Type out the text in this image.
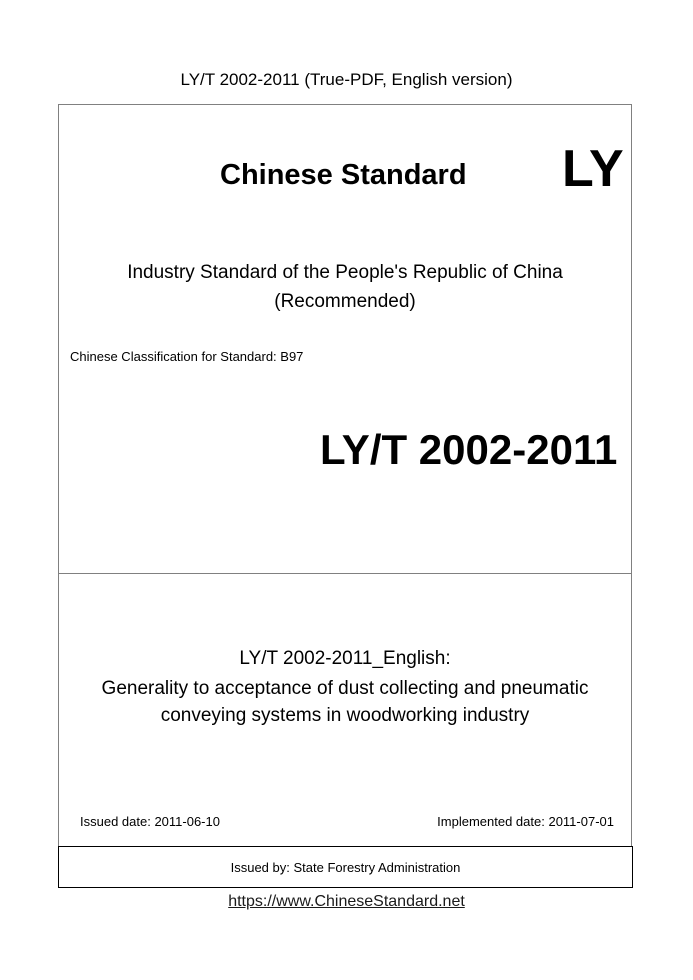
LY/T 2002-2011 (True-PDF, English version)
Chinese Standard LY
Industry Standard of the People's Republic of China
(Recommended)
Chinese Classification for Standard: B97
LY/T 2002-2011
LY/T 2002-2011_English:
Generality to acceptance of dust collecting and pneumatic
conveying systems in woodworking industry
Issued date: 2011-06-10	Implemented date: 2011-07-01
Issued by: State Forestry Administration
https://www.ChineseStandard.net
